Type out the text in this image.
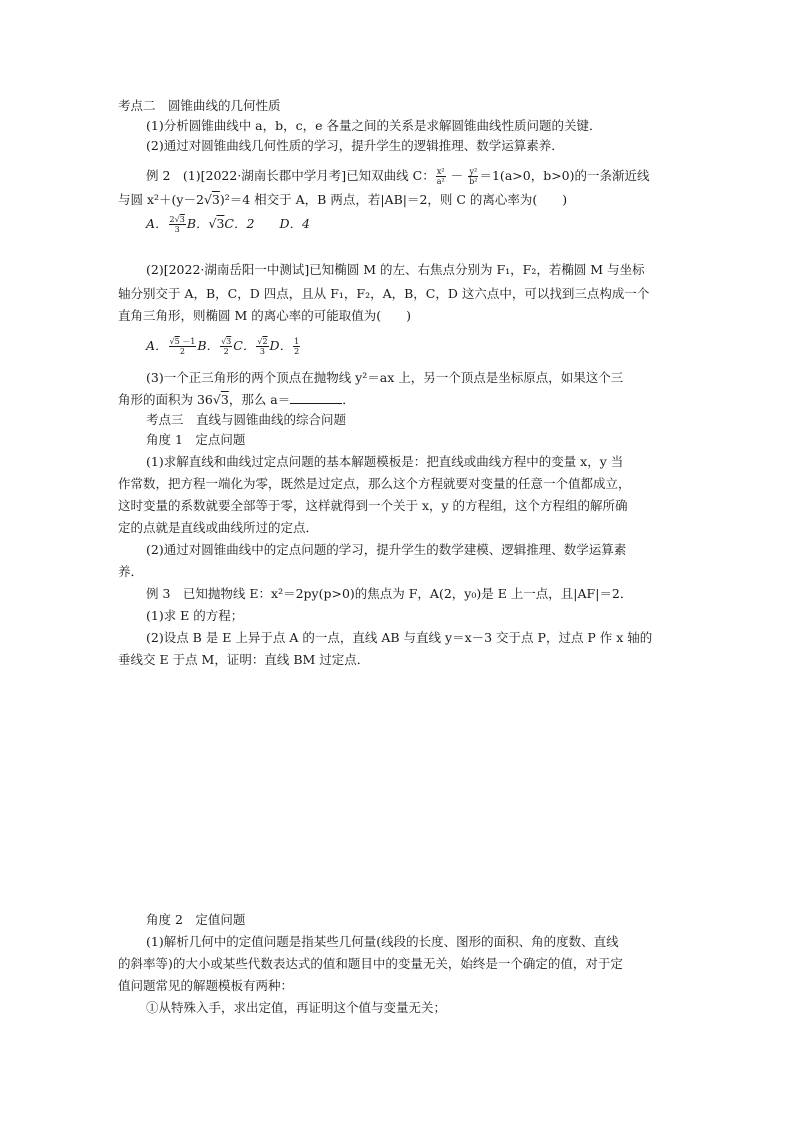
考点二　圆锥曲线的几何性质
(1)分析圆锥曲线中 a，b，c，e 各量之间的关系是求解圆锥曲线性质问题的关键．
(2)通过对圆锥曲线几何性质的学习，提升学生的逻辑推理、数学运算素养．
例 2　(1)[2022·湖南长郡中学月考]已知双曲线 C： $\frac{\text{x²}}{\text{a²}} - \frac{\text{y²}}{\text{b²}} =1(a>0$，b>0)的一条渐近线
与圆 x²＋(y－2√3)²＝4 相交于 A，B 两点，若|AB|＝2，则 C 的离心率为(　　)
A． $\frac{2√3}{3}$ B．√3C．2　　D．4
(2)[2022·湖南岳阳一中测试]已知椭圆 M 的左、右焦点分别为 F₁，F₂，若椭圆 M 与坐标
轴分别交于 A，B，C，D 四点，且从 F₁，F₂，A，B，C，D 这六点中，可以找到三点构成一个
直角三角形，则椭圆 M 的离心率的可能取值为(　　)
A． $\frac{√5 -1}{2}$ B． $\frac{√3}{2}$ C． $\frac{√2}{3}$ D． $\frac{1}{2}$
(3)一个正三角形的两个顶点在抛物线 y²＝ax 上，另一个顶点是坐标原点，如果这个三
角形的面积为 36√3，那么 a＝	．
考点三　直线与圆锥曲线的综合问题
角度 1　定点问题
(1)求解直线和曲线过定点问题的基本解题模板是：把直线或曲线方程中的变量 x，y 当
作常数，把方程一端化为零，既然是过定点，那么这个方程就要对变量的任意一个值都成立，
这时变量的系数就要全部等于零，这样就得到一个关于 x，y 的方程组，这个方程组的解所确
定的点就是直线或曲线所过的定点．
(2)通过对圆锥曲线中的定点问题的学习，提升学生的数学建模、逻辑推理、数学运算素
养．
例 3　已知抛物线 E：x²＝2py(p>0)的焦点为 F，A(2，y₀)是 E 上一点，且|AF|＝2．
(1)求 E 的方程；
(2)设点 B 是 E 上异于点 A 的一点，直线 AB 与直线 y＝x－3 交于点 P，过点 P 作 x 轴的
垂线交 E 于点 M，证明：直线 BM 过定点．
角度 2　定值问题
(1)解析几何中的定值问题是指某些几何量(线段的长度、图形的面积、角的度数、直线
的斜率等)的大小或某些代数表达式的值和题目中的变量无关，始终是一个确定的值，对于定
值问题常见的解题模板有两种：
①从特殊入手，求出定值，再证明这个值与变量无关；
